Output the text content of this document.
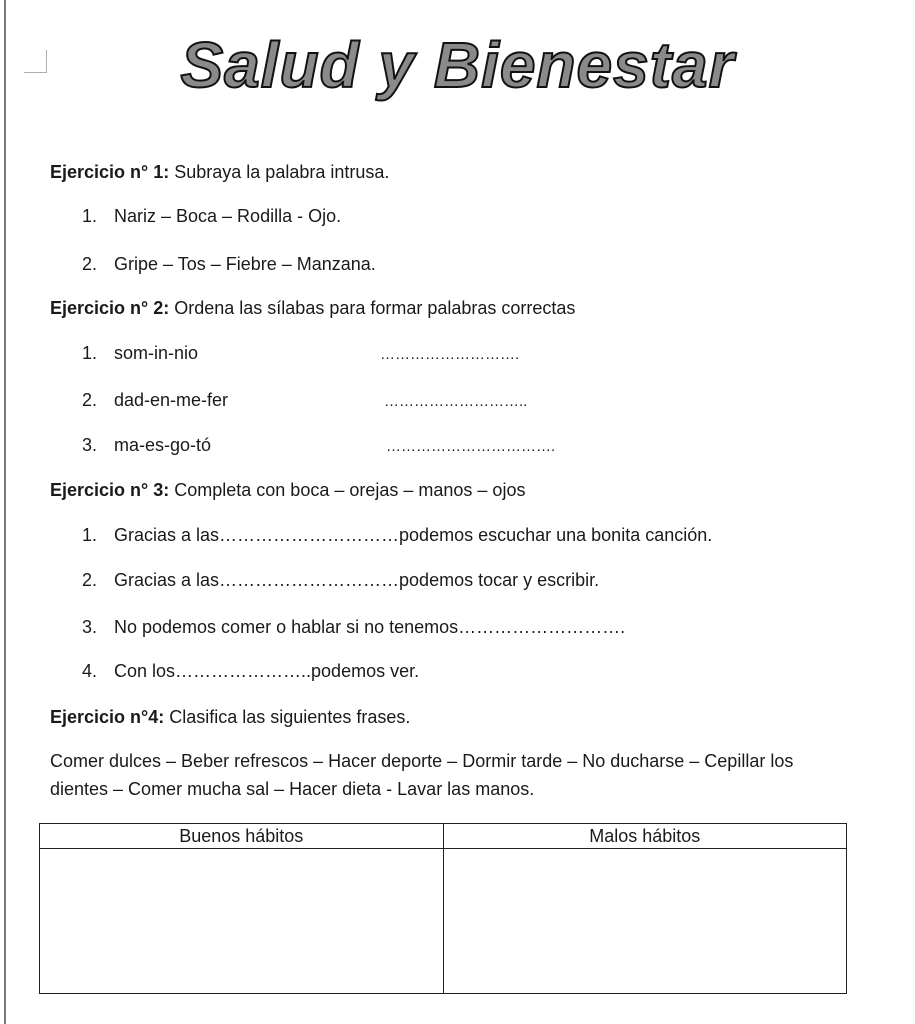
Salud y Bienestar
Ejercicio n° 1: Subraya la palabra intrusa.
1. Nariz – Boca – Rodilla - Ojo.
2. Gripe – Tos – Fiebre – Manzana.
Ejercicio n° 2: Ordena las sílabas para formar palabras correctas
1. som-in-nio	……………………….
2. dad-en-me-fer	………………………..
3. ma-es-go-tó	…………………………….
Ejercicio n° 3: Completa con boca – orejas – manos – ojos
1. Gracias a las…………………………podemos escuchar una bonita canción.
2. Gracias a las…………………………podemos tocar y escribir.
3. No podemos comer o hablar si no tenemos……………………….
4. Con los…………………..podemos ver.
Ejercicio n°4: Clasifica las siguientes frases.
Comer dulces – Beber refrescos – Hacer deporte – Dormir tarde – No ducharse – Cepillar los
dientes – Comer mucha sal – Hacer dieta - Lavar las manos.
Buenos hábitos	Malos hábitos
